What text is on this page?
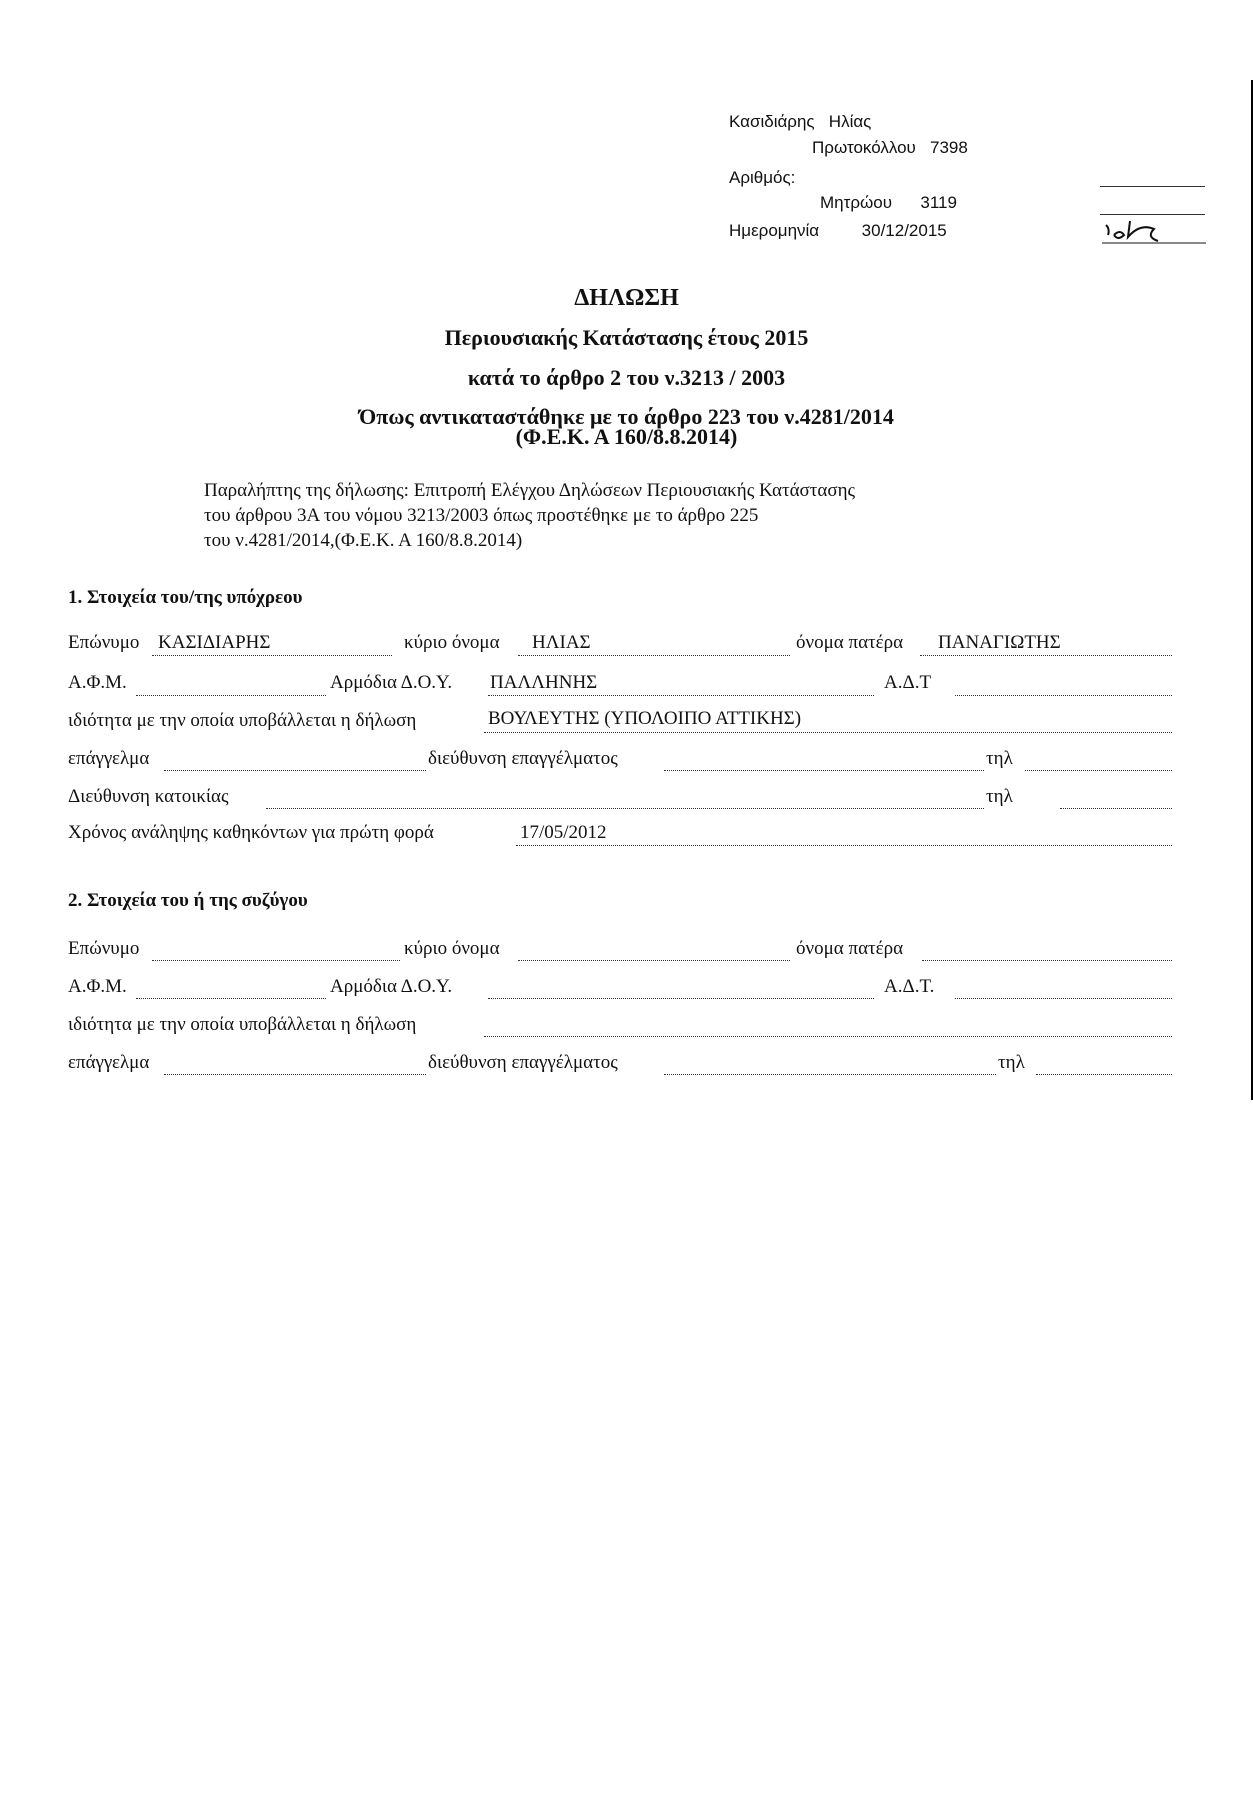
Κασιδιάρης Ηλίας
Πρωτοκόλλου 7398
Αριθμός:
Μητρώου 3119
Ημερομηνία	30/12/2015
ΔΗΛΩΣΗ
Περιουσιακής Κατάστασης έτους 2015
κατά το άρθρο 2 του ν.3213 / 2003
Όπως αντικαταστάθηκε με το άρθρο 223 του ν.4281/2014
(Φ.Ε.Κ. Α 160/8.8.2014)
Παραλήπτης της δήλωσης: Επιτροπή Ελέγχου Δηλώσεων Περιουσιακής Κατάστασης
του άρθρου 3Α του νόμου 3213/2003 όπως προστέθηκε με το άρθρο 225
του ν.4281/2014,(Φ.Ε.Κ. Α 160/8.8.2014)
1. Στοιχεία του/της υπόχρεου
Επώνυμο ΚΑΣΙΔΙΑΡΗΣ	κύριο όνομα ΗΛΙΑΣ	όνομα πατέρα ΠΑΝΑΓΙΩΤΗΣ
Α.Φ.Μ.	Αρμόδια Δ.Ο.Υ. ΠΑΛΛΗΝΗΣ	Α.Δ.Τ
ιδιότητα με την οποία υποβάλλεται η δήλωση	ΒΟΥΛΕΥΤΗΣ (ΥΠΟΛΟΙΠΟ ΑΤΤΙΚΗΣ)
επάγγελμα	διεύθυνση επαγγέλματος	τηλ
Διεύθυνση κατοικίας	τηλ
Χρόνος ανάληψης καθηκόντων για πρώτη φορά	17/05/2012
2. Στοιχεία του ή της συζύγου
Επώνυμο	κύριο όνομα	όνομα πατέρα
Α.Φ.Μ.	Αρμόδια Δ.Ο.Υ.	Α.Δ.Τ.
ιδιότητα με την οποία υποβάλλεται η δήλωση
επάγγελμα	διεύθυνση επαγγέλματος	τηλ
